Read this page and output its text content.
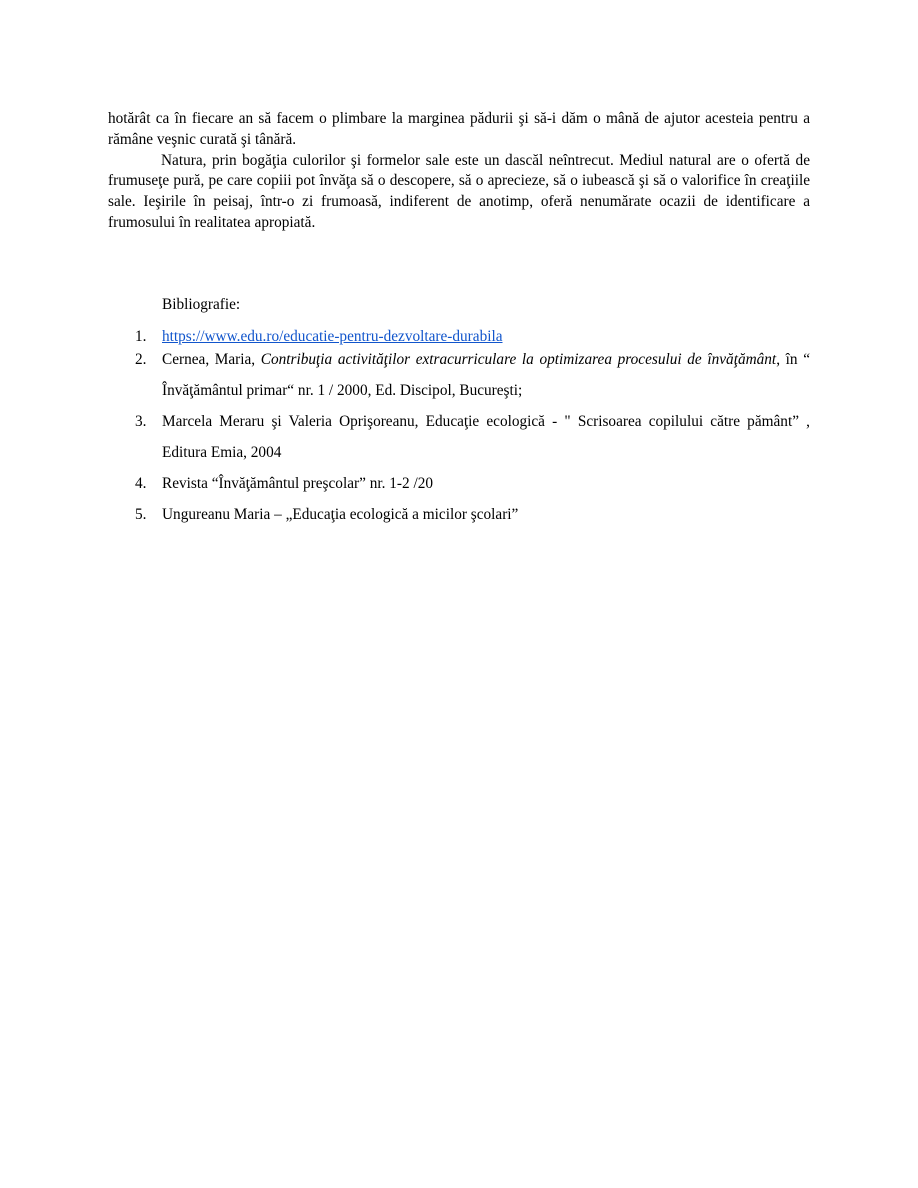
hotărât ca în fiecare an să facem o plimbare la marginea pădurii şi să-i dăm o mână de ajutor acesteia pentru a rămâne veşnic curată şi tânără.

Natura, prin bogăţia culorilor şi formelor sale este un dascăl neîntrecut. Mediul natural are o ofertă de frumuseţe pură, pe care copiii pot învăţa să o descopere, să o aprecieze, să o iubească şi să o valorifice în creaţiile sale. Ieşirile în peisaj, într-o zi frumoasă, indiferent de anotimp, oferă nenumărate ocazii de identificare a frumosului în realitatea apropiată.

Bibliografie:

1. https://www.edu.ro/educatie-pentru-dezvoltare-durabila
2. Cernea, Maria, Contribuţia activităţilor extracurriculare la optimizarea procesului de învăţământ, în “ Învăţământul primar“ nr. 1 / 2000, Ed. Discipol, Bucureşti;
3. Marcela Meraru şi Valeria Oprişoreanu, Educaţie ecologică - " Scrisoarea copilului către pământ” , Editura Emia, 2004
4. Revista “Învăţământul preşcolar” nr. 1-2 /20
5. Ungureanu Maria – „Educaţia ecologică a micilor şcolari”
